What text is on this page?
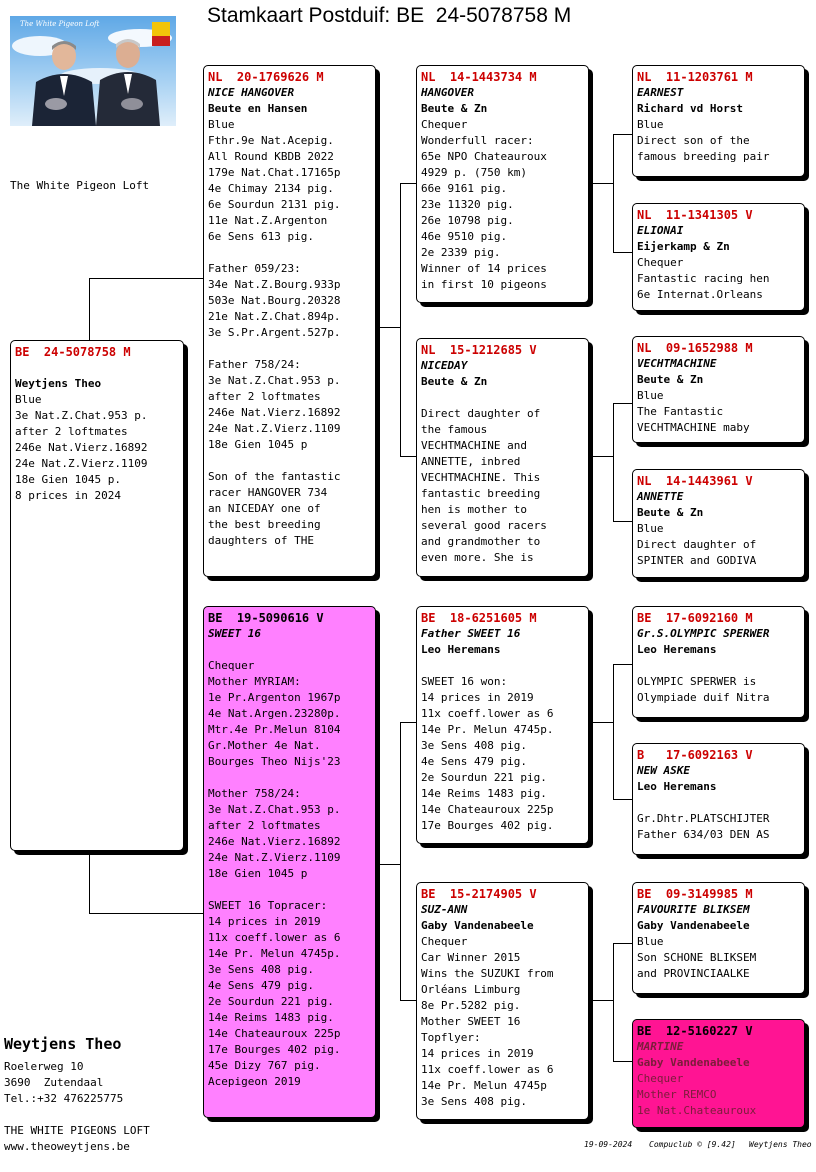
Stamkaart Postduif: BE  24-5078758 M
The White Pigeon Loft
The White Pigeon Loft
BE  24-5078758 M
Weytjens Theo
Blue
3e Nat.Z.Chat.953 p.
after 2 loftmates
246e Nat.Vierz.16892
24e Nat.Z.Vierz.1109
18e Gien 1045 p.
8 prices in 2024
NL  20-1769626 M
NICE HANGOVER
Beute en Hansen
Blue
Fthr.9e Nat.Acepig.
All Round KBDB 2022
179e Nat.Chat.17165p
4e Chimay 2134 pig.
6e Sourdun 2131 pig.
11e Nat.Z.Argenton
6e Sens 613 pig.
Father 059/23:
34e Nat.Z.Bourg.933p
503e Nat.Bourg.20328
21e Nat.Z.Chat.894p.
3e S.Pr.Argent.527p.
Father 758/24:
3e Nat.Z.Chat.953 p.
after 2 loftmates
246e Nat.Vierz.16892
24e Nat.Z.Vierz.1109
18e Gien 1045 p
Son of the fantastic
racer HANGOVER 734
an NICEDAY one of
the best breeding
daughters of THE
BE  19-5090616 V
SWEET 16
Chequer
Mother MYRIAM:
1e Pr.Argenton 1967p
4e Nat.Argen.23280p.
Mtr.4e Pr.Melun 8104
Gr.Mother 4e Nat.
Bourges Theo Nijs'23
Mother 758/24:
3e Nat.Z.Chat.953 p.
after 2 loftmates
246e Nat.Vierz.16892
24e Nat.Z.Vierz.1109
18e Gien 1045 p
SWEET 16 Topracer:
14 prices in 2019
11x coeff.lower as 6
14e Pr. Melun 4745p.
3e Sens 408 pig.
4e Sens 479 pig.
2e Sourdun 221 pig.
14e Reims 1483 pig.
14e Chateauroux 225p
17e Bourges 402 pig.
45e Dizy 767 pig.
Acepigeon 2019
NL  14-1443734 M
HANGOVER
Beute & Zn
Chequer
Wonderfull racer:
65e NPO Chateauroux
4929 p. (750 km)
66e 9161 pig.
23e 11320 pig.
26e 10798 pig.
46e 9510 pig.
2e 2339 pig.
Winner of 14 prices
in first 10 pigeons
NL  15-1212685 V
NICEDAY
Beute & Zn
Direct daughter of
the famous
VECHTMACHINE and
ANNETTE, inbred
VECHTMACHINE. This
fantastic breeding
hen is mother to
several good racers
and grandmother to
even more. She is
BE  18-6251605 M
Father SWEET 16
Leo Heremans
SWEET 16 won:
14 prices in 2019
11x coeff.lower as 6
14e Pr. Melun 4745p.
3e Sens 408 pig.
4e Sens 479 pig.
2e Sourdun 221 pig.
14e Reims 1483 pig.
14e Chateauroux 225p
17e Bourges 402 pig.
BE  15-2174905 V
SUZ-ANN
Gaby Vandenabeele
Chequer
Car Winner 2015
Wins the SUZUKI from
Orléans Limburg
8e Pr.5282 pig.
Mother SWEET 16
Topflyer:
14 prices in 2019
11x coeff.lower as 6
14e Pr. Melun 4745p
3e Sens 408 pig.
NL  11-1203761 M
EARNEST
Richard vd Horst
Blue
Direct son of the
famous breeding pair
NL  11-1341305 V
ELIONAI
Eijerkamp & Zn
Chequer
Fantastic racing hen
6e Internat.Orleans
NL  09-1652988 M
VECHTMACHINE
Beute & Zn
Blue
The Fantastic
VECHTMACHINE maby
NL  14-1443961 V
ANNETTE
Beute & Zn
Blue
Direct daughter of
SPINTER and GODIVA
BE  17-6092160 M
Gr.S.OLYMPIC SPERWER
Leo Heremans
OLYMPIC SPERWER is
Olympiade duif Nitra
B   17-6092163 V
NEW ASKE
Leo Heremans
Gr.Dhtr.PLATSCHIJTER
Father 634/03 DEN AS
BE  09-3149985 M
FAVOURITE BLIKSEM
Gaby Vandenabeele
Blue
Son SCHONE BLIKSEM
and PROVINCIAALKE
BE  12-5160227 V
MARTINE
Gaby Vandenabeele
Chequer
Mother REMCO
1e Nat.Chateauroux
Weytjens Theo
Roelerweg 10
3690  Zutendaal
Tel.:+32 476225775
THE WHITE PIGEONS LOFT
www.theoweytjens.be	19-09-2024 Compuclub © [9.42] Weytjens Theo
